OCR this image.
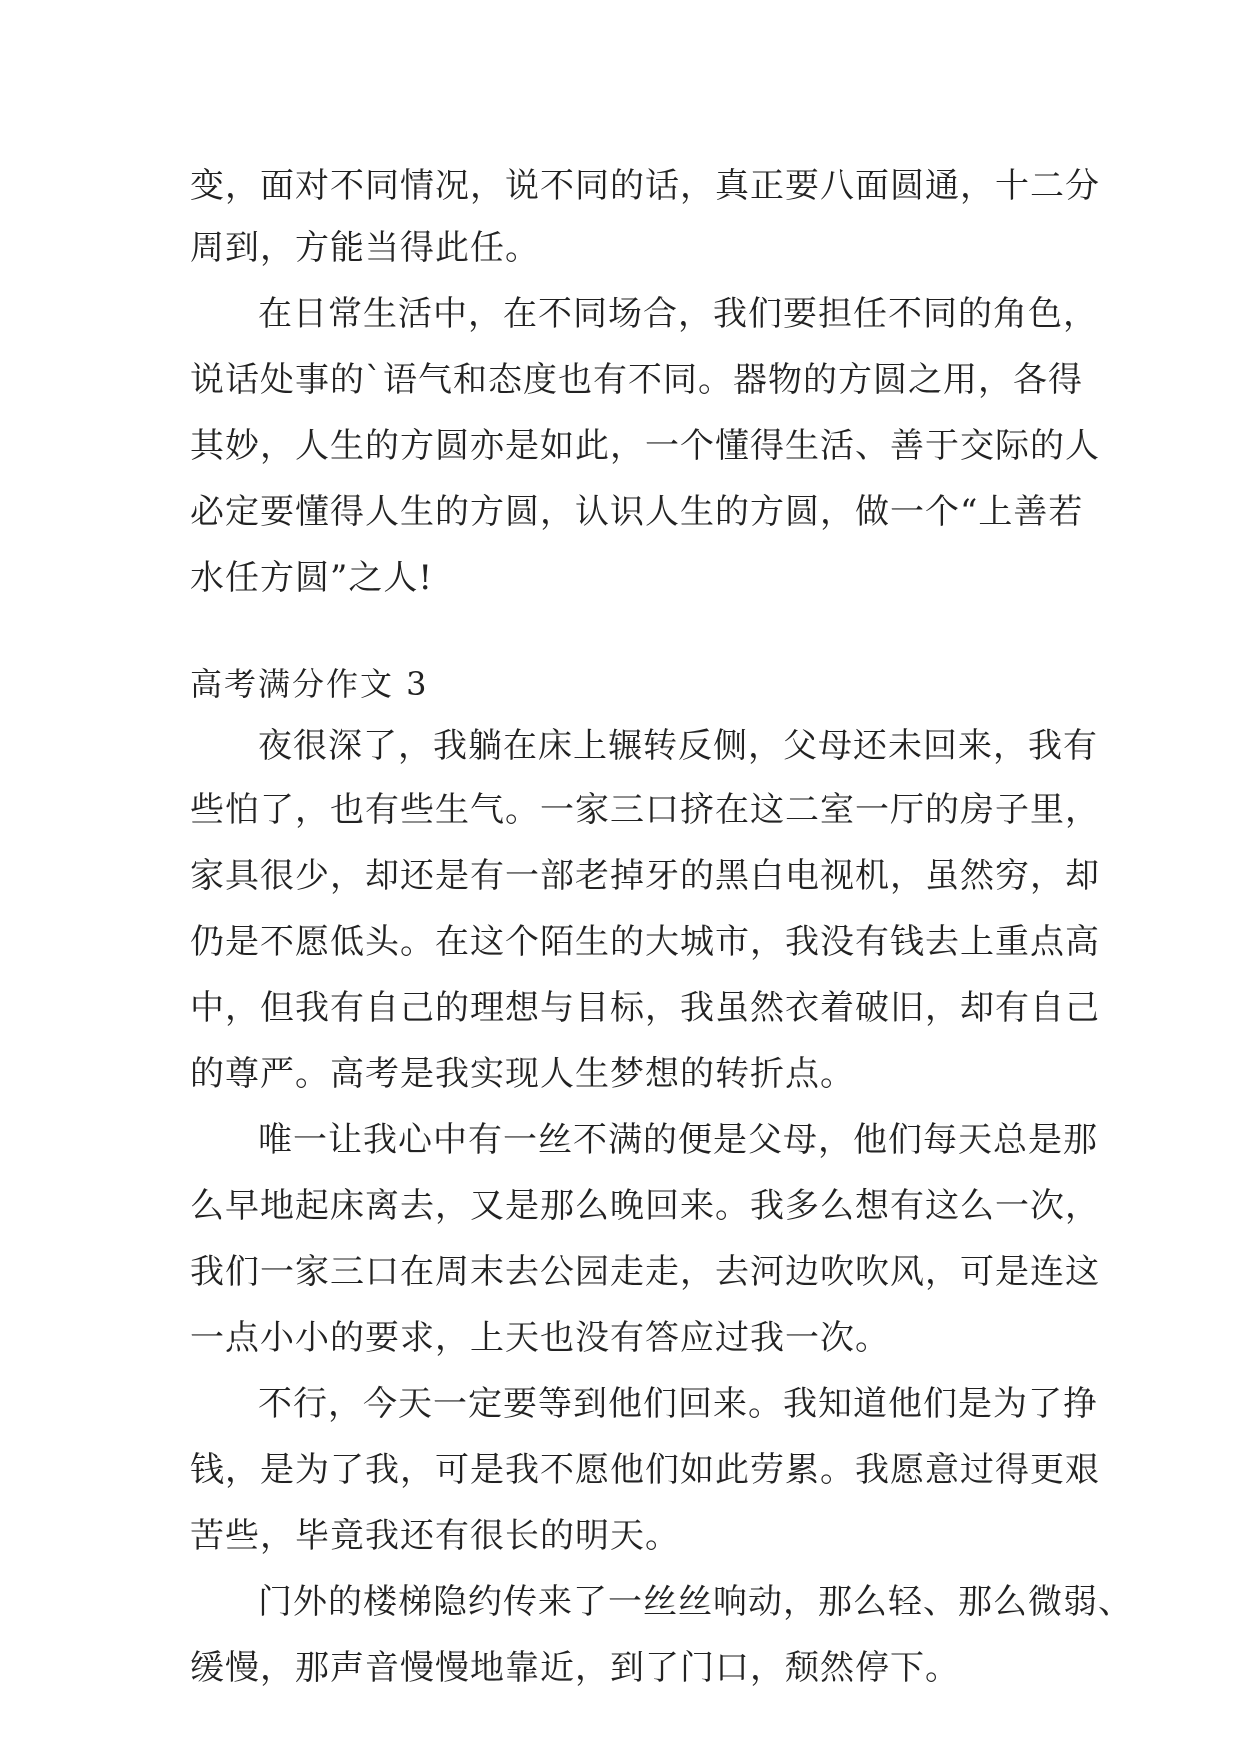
变，面对不同情况，说不同的话，真正要八面圆通，十二分
周到，方能当得此任。
在日常生活中，在不同场合，我们要担任不同的角色，
说话处事的`语气和态度也有不同。器物的方圆之用，各得
其妙，人生的方圆亦是如此，一个懂得生活、善于交际的人
必定要懂得人生的方圆，认识人生的方圆，做一个“上善若
水任方圆”之人!
高考满分作文 3
夜很深了，我躺在床上辗转反侧，父母还未回来，我有
些怕了，也有些生气。一家三口挤在这二室一厅的房子里，
家具很少，却还是有一部老掉牙的黑白电视机，虽然穷，却
仍是不愿低头。在这个陌生的大城市，我没有钱去上重点高
中，但我有自己的理想与目标，我虽然衣着破旧，却有自己
的尊严。高考是我实现人生梦想的转折点。
唯一让我心中有一丝不满的便是父母，他们每天总是那
么早地起床离去，又是那么晚回来。我多么想有这么一次，
我们一家三口在周末去公园走走，去河边吹吹风，可是连这
一点小小的要求，上天也没有答应过我一次。
不行，今天一定要等到他们回来。我知道他们是为了挣
钱，是为了我，可是我不愿他们如此劳累。我愿意过得更艰
苦些，毕竟我还有很长的明天。
门外的楼梯隐约传来了一丝丝响动，那么轻、那么微弱、
缓慢，那声音慢慢地靠近，到了门口，颓然停下。
